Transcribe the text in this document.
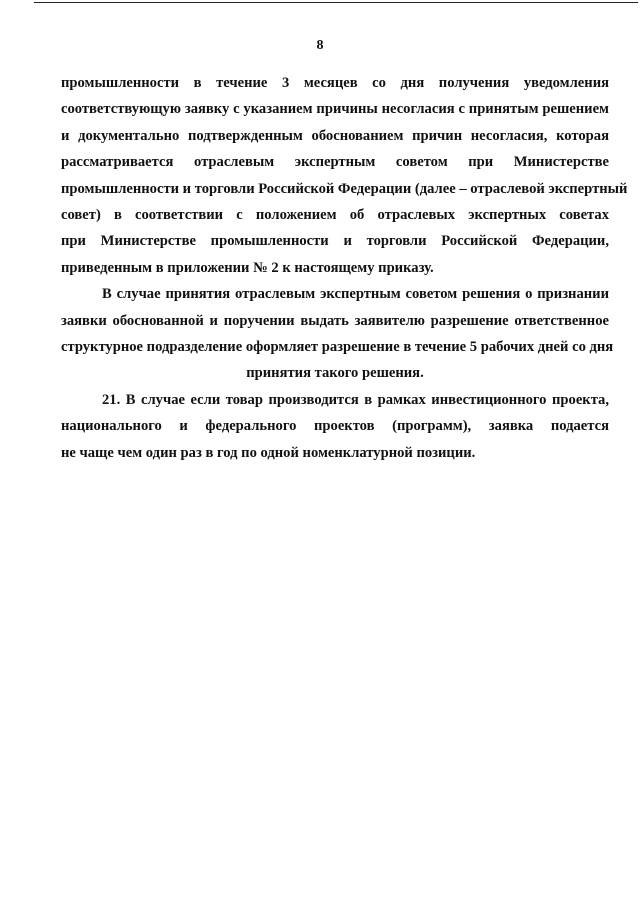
8

промышленности в течение 3 месяцев со дня получения уведомления
соответствующую заявку с указанием причины несогласия с принятым решением
и документально подтвержденным обоснованием причин несогласия, которая
рассматривается отраслевым экспертным советом при Министерстве
промышленности и торговли Российской Федерации (далее – отраслевой экспертный
совет) в соответствии с положением об отраслевых экспертных советах
при Министерстве промышленности и торговли Российской Федерации,
приведенным в приложении № 2 к настоящему приказу.

В случае принятия отраслевым экспертным советом решения о признании
заявки обоснованной и поручении выдать заявителю разрешение ответственное
структурное подразделение оформляет разрешение в течение 5 рабочих дней со дня
принятия такого решения.

21. В случае если товар производится в рамках инвестиционного проекта,
национального и федерального проектов (программ), заявка подается
не чаще чем один раз в год по одной номенклатурной позиции.
